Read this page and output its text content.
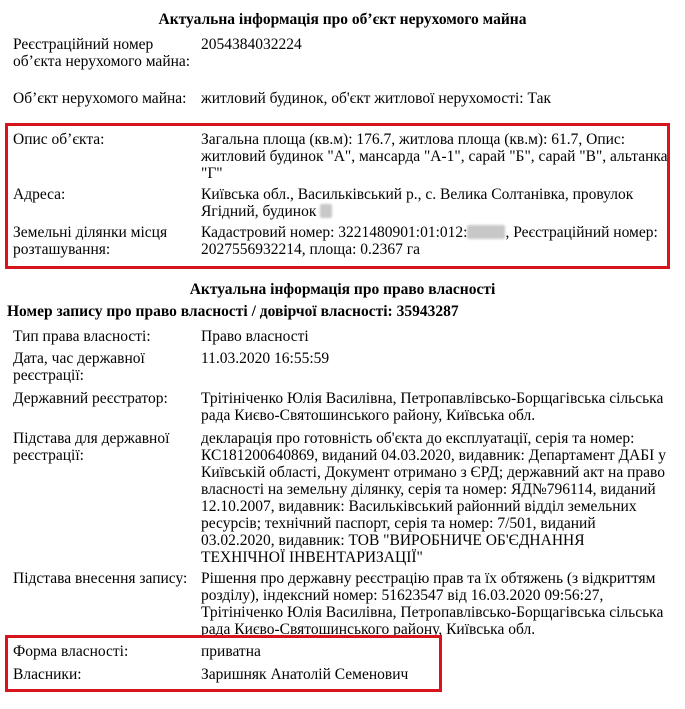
Актуальна інформація про об’єкт нерухомого майна
Реєстраційний номер об’єкта нерухомого майна:
2054384032224
Об’єкт нерухомого майна: житловий будинок, об'єкт житлової нерухомості: Так
Опис об’єкта:	Загальна площа (кв.м): 176.7, житлова площа (кв.м): 61.7, Опис: житловий будинок "А", мансарда "А-1", сарай "Б", сарай "В", альтанка "Г"
Адреса:	Київська обл., Васильківський р., с. Велика Солтанівка, провулок Ягідний, будинок
Земельні ділянки місця розташування:
Кадастровий номер: 3221480901:01:012: , Реєстраційний номер: 2027556932214, площа: 0.2367 га
Актуальна інформація про право власності
Номер запису про право власності / довірчої власності: 35943287
Тип права власності:	Право власності
Дата, час державної реєстрації:
11.03.2020 16:55:59
Державний реєстратор:	Трітініченко Юлія Василівна, Петропавлівсько-Борщагівська сільська рада Києво-Святошинського району, Київська обл.
Підстава для державної реєстрації:
декларація про готовність об'єкта до експлуатації, серія та номер: КС181200640869, виданий 04.03.2020, видавник: Департамент ДАБІ у Київській області, Документ отримано з ЄРД; державний акт на право власності на земельну ділянку, серія та номер: ЯД№796114, виданий 12.10.2007, видавник: Васильківський районний відділ земельних ресурсів; технічний паспорт, серія та номер: 7/501, виданий 03.02.2020, видавник: ТОВ "ВИРОБНИЧЕ ОБ'ЄДНАННЯ ТЕХНІЧНОЇ ІНВЕНТАРИЗАЦІЇ"
Підстава внесення запису: Рішення про державну реєстрацію прав та їх обтяжень (з відкриттям розділу), індексний номер: 51623547 від 16.03.2020 09:56:27, Трітініченко Юлія Василівна, Петропавлівсько-Борщагівська сільська рада Києво-Святошинського району, Київська обл.
Форма власності:	приватна
Власники:	Заришняк Анатолій Семенович
